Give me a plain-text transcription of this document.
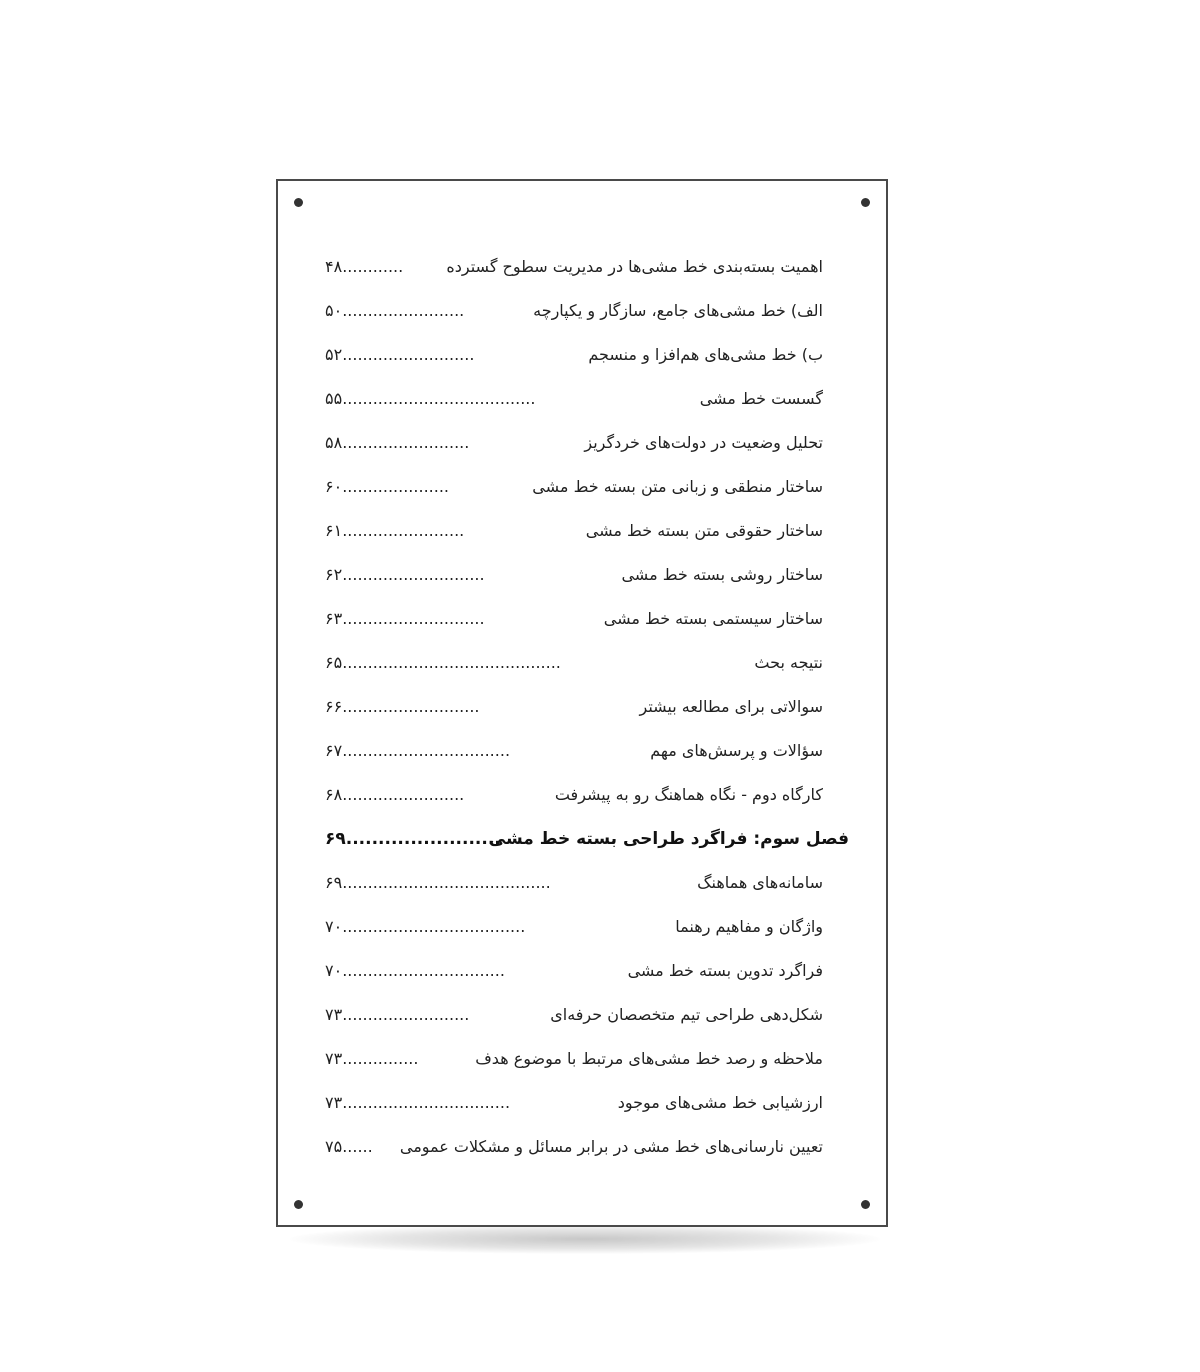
اهمیت بسته‌بندی خط مشی‌ها در مدیریت سطوح گسترده
............۴۸
الف) خط مشی‌های جامع، سازگار و یکپارچه
........................۵۰
ب) خط مشی‌های هم‌افزا و منسجم
..........................۵۲
گسست خط مشی
......................................۵۵
تحلیل وضعیت در دولت‌های خردگریز
.........................۵۸
ساختار منطقی و زبانی متن بسته خط مشی
.....................۶۰
ساختار حقوقی متن بسته خط مشی
........................۶۱
ساختار روشی بسته خط مشی
............................۶۲
ساختار سیستمی بسته خط مشی
............................۶۳
نتیجه بحث
...........................................۶۵
سوالاتی برای مطالعه بیشتر
...........................۶۶
سؤالات و پرسش‌های مهم
.................................۶۷
کارگاه دوم - نگاه هماهنگ رو به پیشرفت
........................۶۸
فصل سوم: فراگرد طراحی بسته خط مشی
........................۶۹
سامانه‌های هماهنگ
.........................................۶۹
واژگان و مفاهیم رهنما
....................................۷۰
فراگرد تدوین بسته خط مشی
................................۷۰
شکل‌دهی طراحی تیم متخصصان حرفه‌ای
.........................۷۳
ملاحظه و رصد خط مشی‌های مرتبط با موضوع هدف
...............۷۳
ارزشیابی خط مشی‌های موجود
.................................۷۳
تعیین نارسانی‌های خط مشی در برابر مسائل و مشکلات عمومی
......۷۵
